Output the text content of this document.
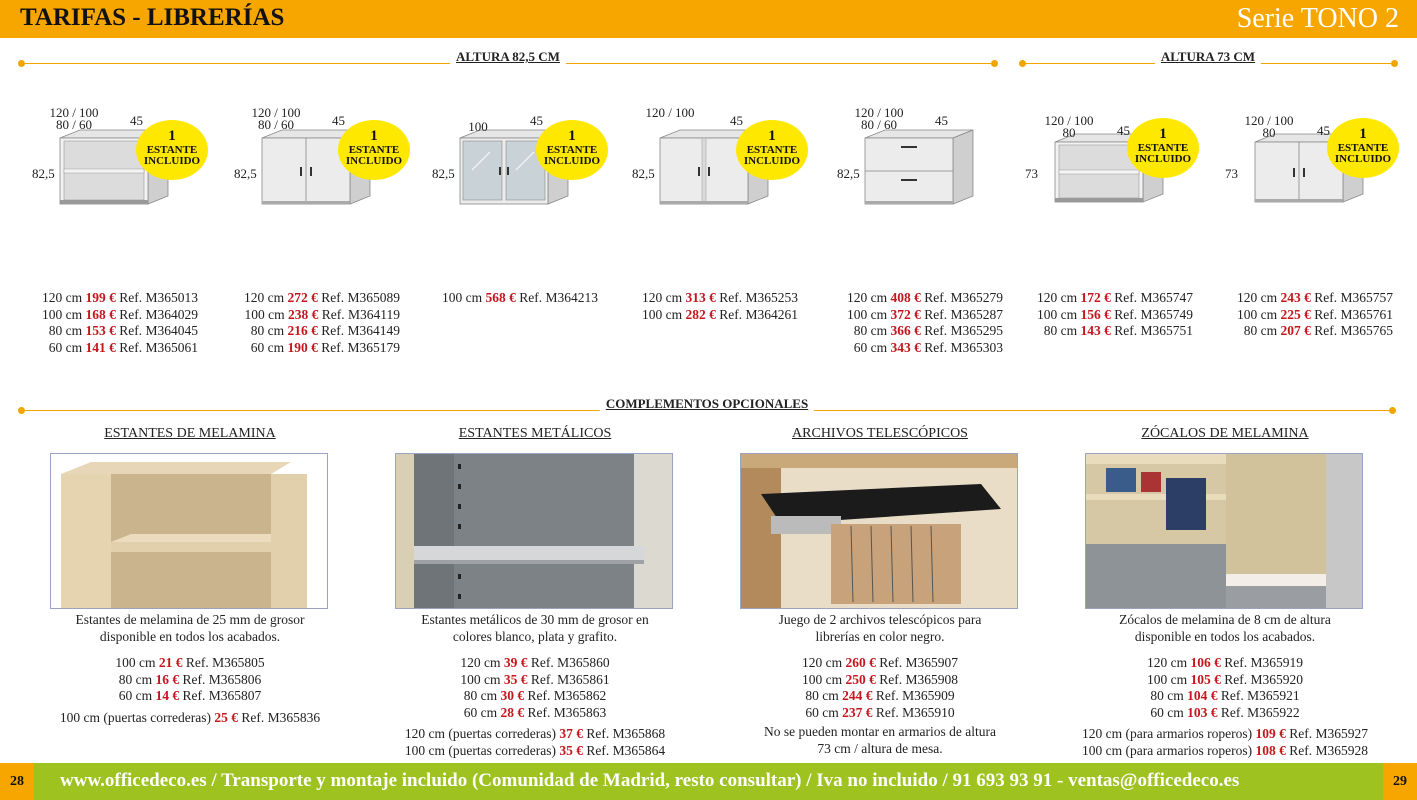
TARIFAS - LIBRERÍAS	Serie TONO 2
ALTURA 82,5 CM	ALTURA 73 CM
120 / 100
80 / 60	45
82,5
1
ESTANTE
INCLUIDO
120 cm 199 € Ref. M365013
100 cm 168 € Ref. M364029
80 cm 153 € Ref. M364045
60 cm 141 € Ref. M365061
120 / 100
80 / 60	45
82,5
1
ESTANTE
INCLUIDO
120 cm 272 € Ref. M365089
100 cm 238 € Ref. M364119
80 cm 216 € Ref. M364149
60 cm 190 € Ref. M365179
100	45
82,5
1
ESTANTE
INCLUIDO
100 cm 568 € Ref. M364213
120 / 100
45
82,5
1
ESTANTE
INCLUIDO
120 cm 313 € Ref. M365253
100 cm 282 € Ref. M364261
120 / 100
80 / 60	45
82,5
120 cm 408 € Ref. M365279
100 cm 372 € Ref. M365287
80 cm 366 € Ref. M365295
60 cm 343 € Ref. M365303
120 / 100
80	45
73
1
ESTANTE
INCLUIDO
120 cm 172 € Ref. M365747
100 cm 156 € Ref. M365749
80 cm 143 € Ref. M365751
120 / 100
80	45
73
1
ESTANTE
INCLUIDO
120 cm 243 € Ref. M365757
100 cm 225 € Ref. M365761
80 cm 207 € Ref. M365765
COMPLEMENTOS OPCIONALES
ESTANTES DE MELAMINA
Estantes de melamina de 25 mm de grosor
disponible en todos los acabados.
100 cm 21 € Ref. M365805
80 cm 16 € Ref. M365806
60 cm 14 € Ref. M365807
100 cm (puertas correderas) 25 € Ref. M365836
ESTANTES METÁLICOS
Estantes metálicos de 30 mm de grosor en
colores blanco, plata y grafito.
120 cm 39 € Ref. M365860
100 cm 35 € Ref. M365861
80 cm 30 € Ref. M365862
60 cm 28 € Ref. M365863
120 cm (puertas correderas) 37 € Ref. M365868
100 cm (puertas correderas) 35 € Ref. M365864
ARCHIVOS TELESCÓPICOS
Juego de 2 archivos telescópicos para
librerías en color negro.
120 cm 260 € Ref. M365907
100 cm 250 € Ref. M365908
80 cm 244 € Ref. M365909
60 cm 237 € Ref. M365910
No se pueden montar en armarios de altura
73 cm / altura de mesa.
ZÓCALOS DE MELAMINA
Zócalos de melamina de 8 cm de altura
disponible en todos los acabados.
120 cm 106 € Ref. M365919
100 cm 105 € Ref. M365920
80 cm 104 € Ref. M365921
60 cm 103 € Ref. M365922
120 cm (para armarios roperos) 109 € Ref. M365927
100 cm (para armarios roperos) 108 € Ref. M365928
28	www.officedeco.es / Transporte y montaje incluido (Comunidad de Madrid, resto consultar) / Iva no incluido / 91 693 93 91 - ventas@officedeco.es	29
